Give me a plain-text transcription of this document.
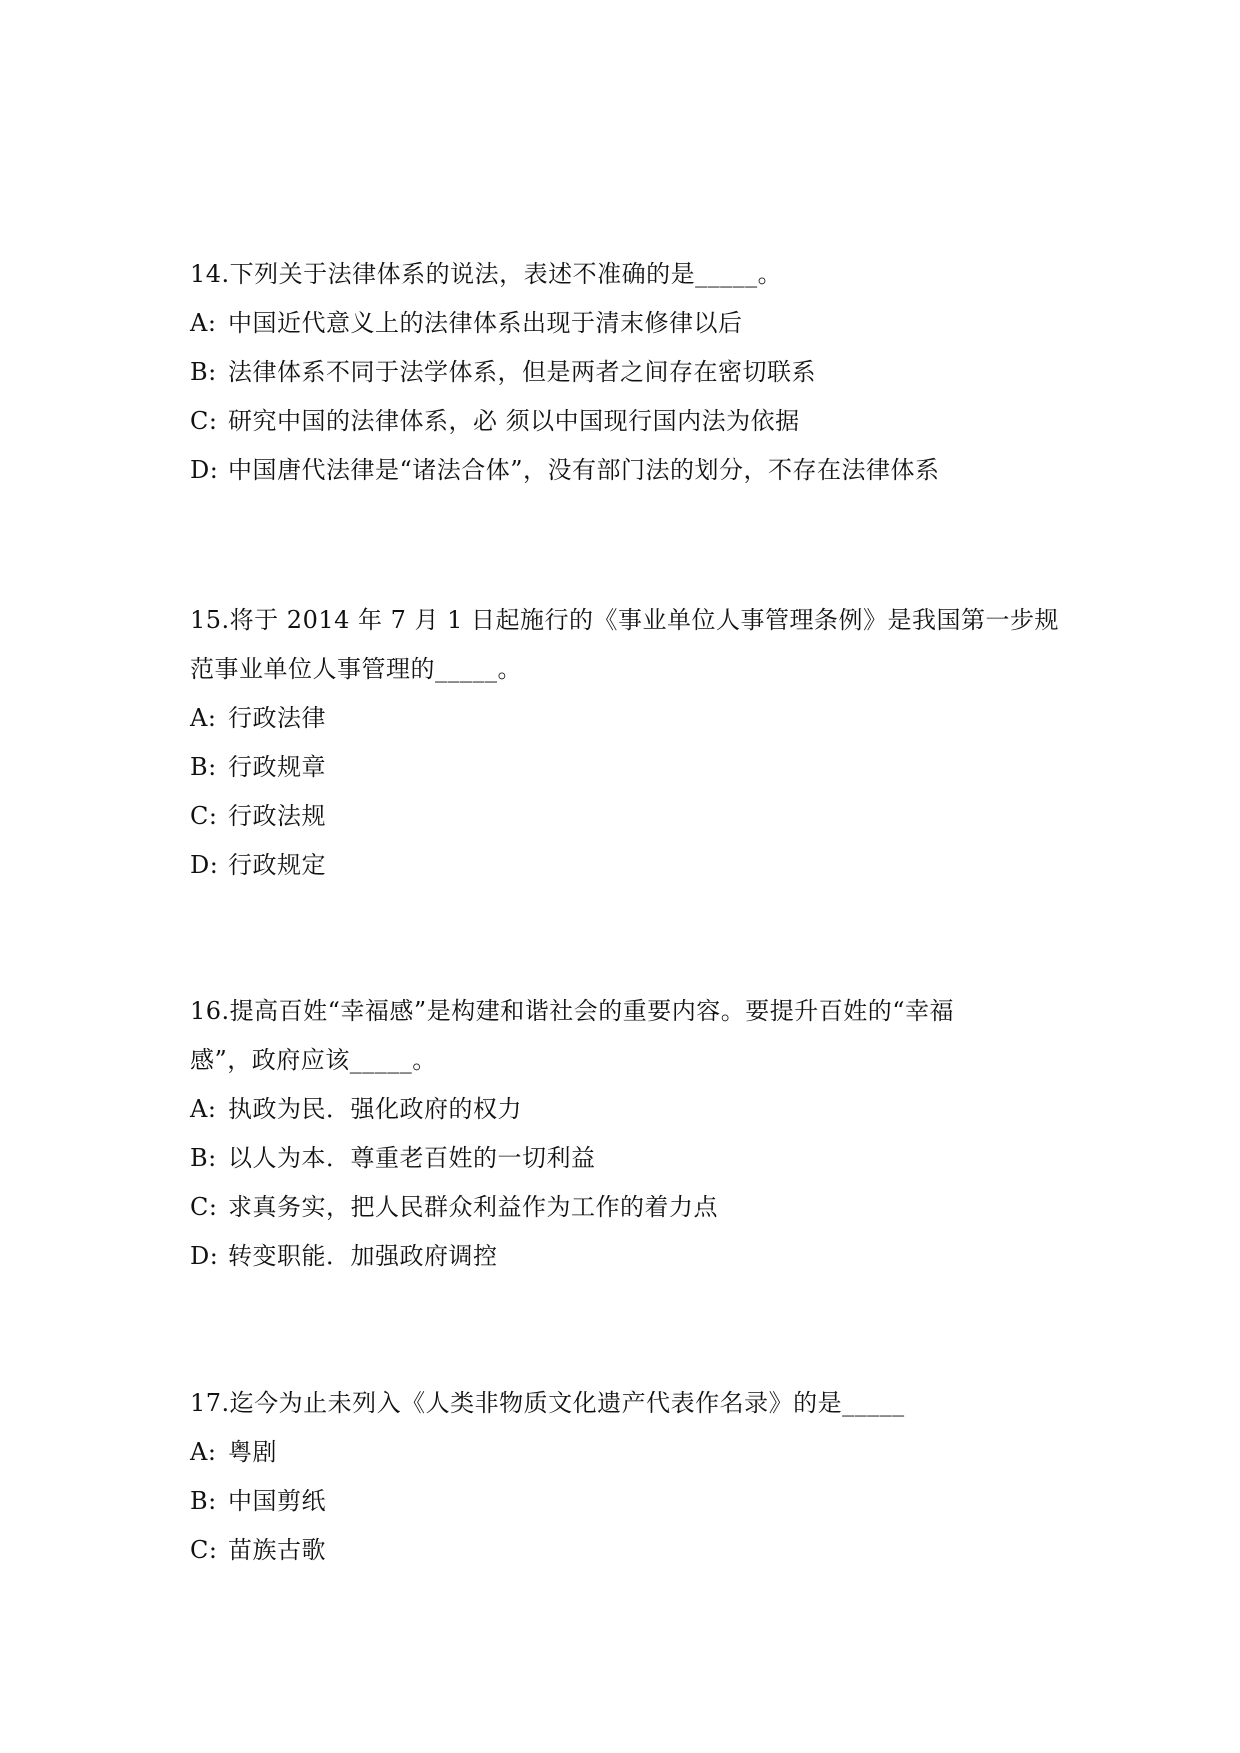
14.下列关于法律体系的说法，表述不准确的是_____。

A: 中国近代意义上的法律体系出现于清末修律以后

B: 法律体系不同于法学体系，但是两者之间存在密切联系

C: 研究中国的法律体系，必 须以中国现行国内法为依据

D: 中国唐代法律是“诸法合体”，没有部门法的划分，不存在法律体系

15.将于 2014 年 7 月 1 日起施行的《事业单位人事管理条例》是我国第一步规

范事业单位人事管理的_____。

A: 行政法律

B: 行政规章

C: 行政法规

D: 行政规定

16.提高百姓“幸福感”是构建和谐社会的重要内容。要提升百姓的“幸福

感”，政府应该_____。

A: 执政为民．强化政府的权力

B: 以人为本．尊重老百姓的一切利益

C: 求真务实，把人民群众利益作为工作的着力点

D: 转变职能．加强政府调控

17.迄今为止未列入《人类非物质文化遗产代表作名录》的是_____

A: 粤剧

B: 中国剪纸

C: 苗族古歌
